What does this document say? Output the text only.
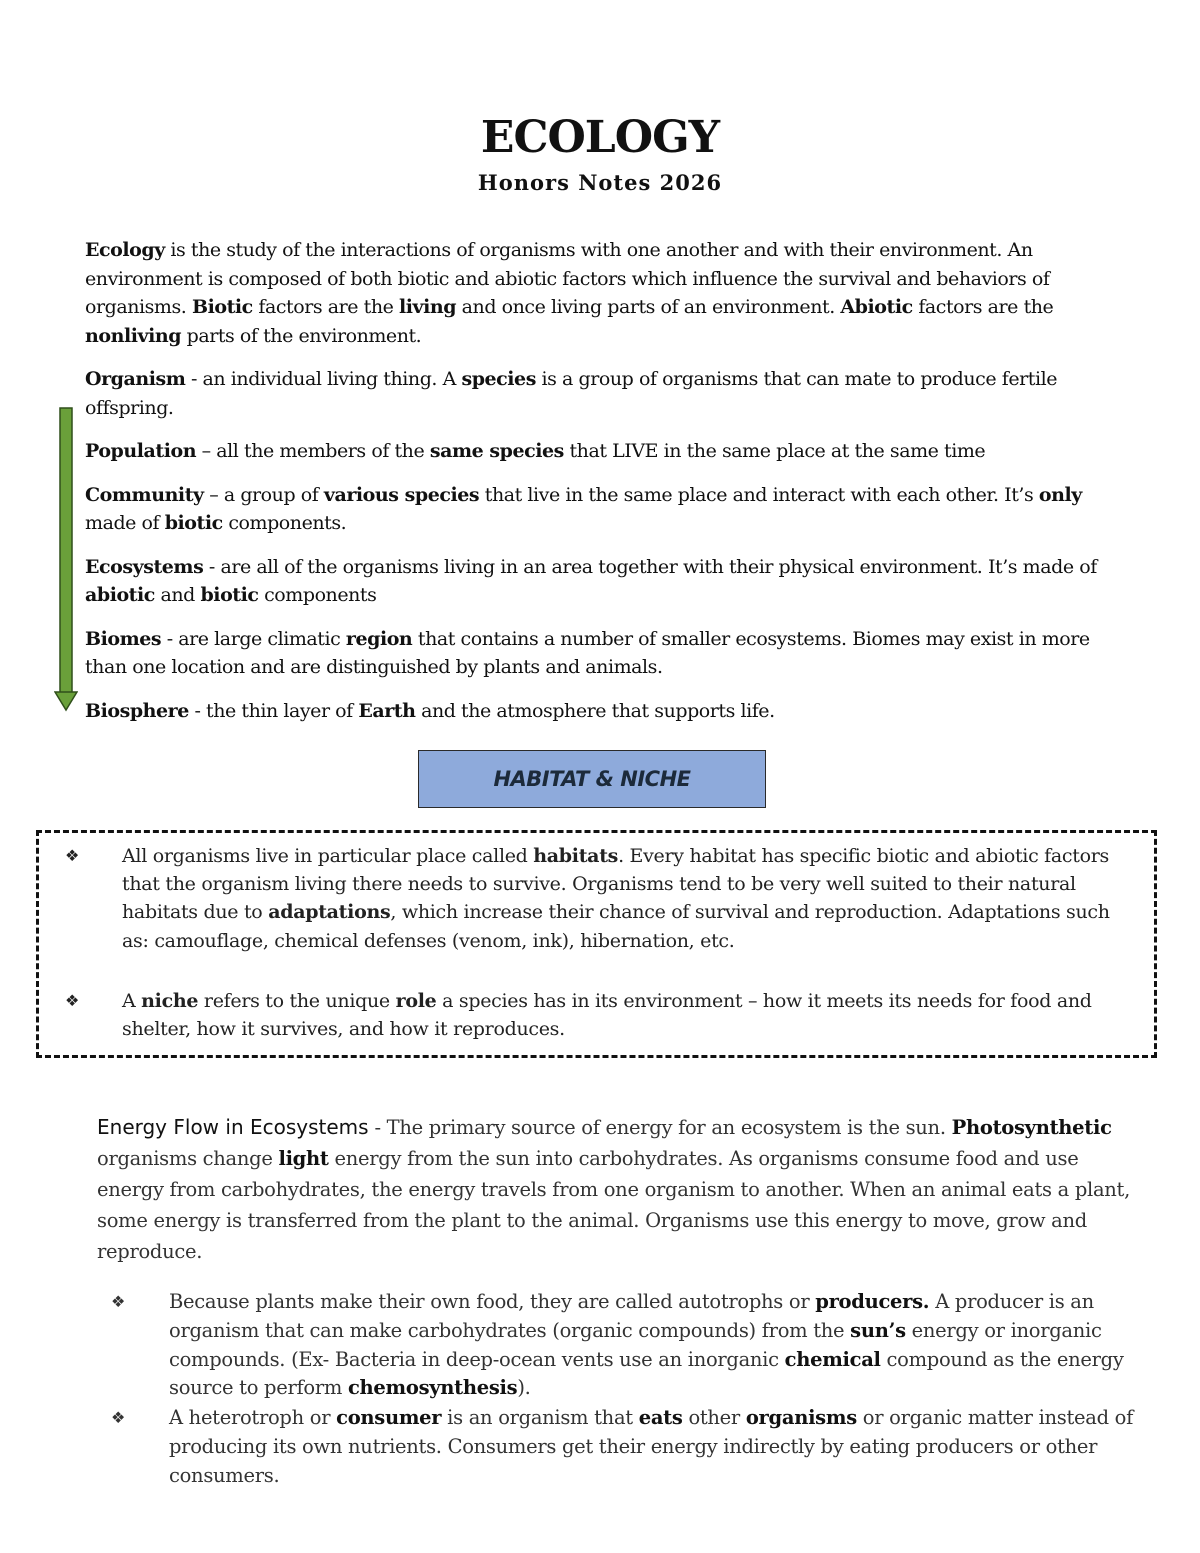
ECOLOGY
Honors Notes 2026

Ecology is the study of the interactions of organisms with one another and with their environment. An environment is composed of both biotic and abiotic factors which influence the survival and behaviors of organisms. Biotic factors are the living and once living parts of an environment. Abiotic factors are the nonliving parts of the environment.

Organism - an individual living thing. A species is a group of organisms that can mate to produce fertile offspring.

Population – all the members of the same species that LIVE in the same place at the same time

Community – a group of various species that live in the same place and interact with each other. It’s only made of biotic components.

Ecosystems - are all of the organisms living in an area together with their physical environment. It’s made of abiotic and biotic components

Biomes - are large climatic region that contains a number of smaller ecosystems. Biomes may exist in more than one location and are distinguished by plants and animals.

Biosphere - the thin layer of Earth and the atmosphere that supports life.

HABITAT & NICHE
❖ All organisms live in particular place called habitats. Every habitat has specific biotic and abiotic factors that the organism living there needs to survive. Organisms tend to be very well suited to their natural habitats due to adaptations, which increase their chance of survival and reproduction. Adaptations such as: camouflage, chemical defenses (venom, ink), hibernation, etc.
❖ A niche refers to the unique role a species has in its environment – how it meets its needs for food and shelter, how it survives, and how it reproduces.
Energy Flow in Ecosystems - The primary source of energy for an ecosystem is the sun. Photosynthetic organisms change light energy from the sun into carbohydrates. As organisms consume food and use energy from carbohydrates, the energy travels from one organism to another. When an animal eats a plant, some energy is transferred from the plant to the animal. Organisms use this energy to move, grow and reproduce.
❖ Because plants make their own food, they are called autotrophs or producers. A producer is an organism that can make carbohydrates (organic compounds) from the sun’s energy or inorganic compounds. (Ex- Bacteria in deep-ocean vents use an inorganic chemical compound as the energy source to perform chemosynthesis).
❖ A heterotroph or consumer is an organism that eats other organisms or organic matter instead of producing its own nutrients. Consumers get their energy indirectly by eating producers or other consumers.
